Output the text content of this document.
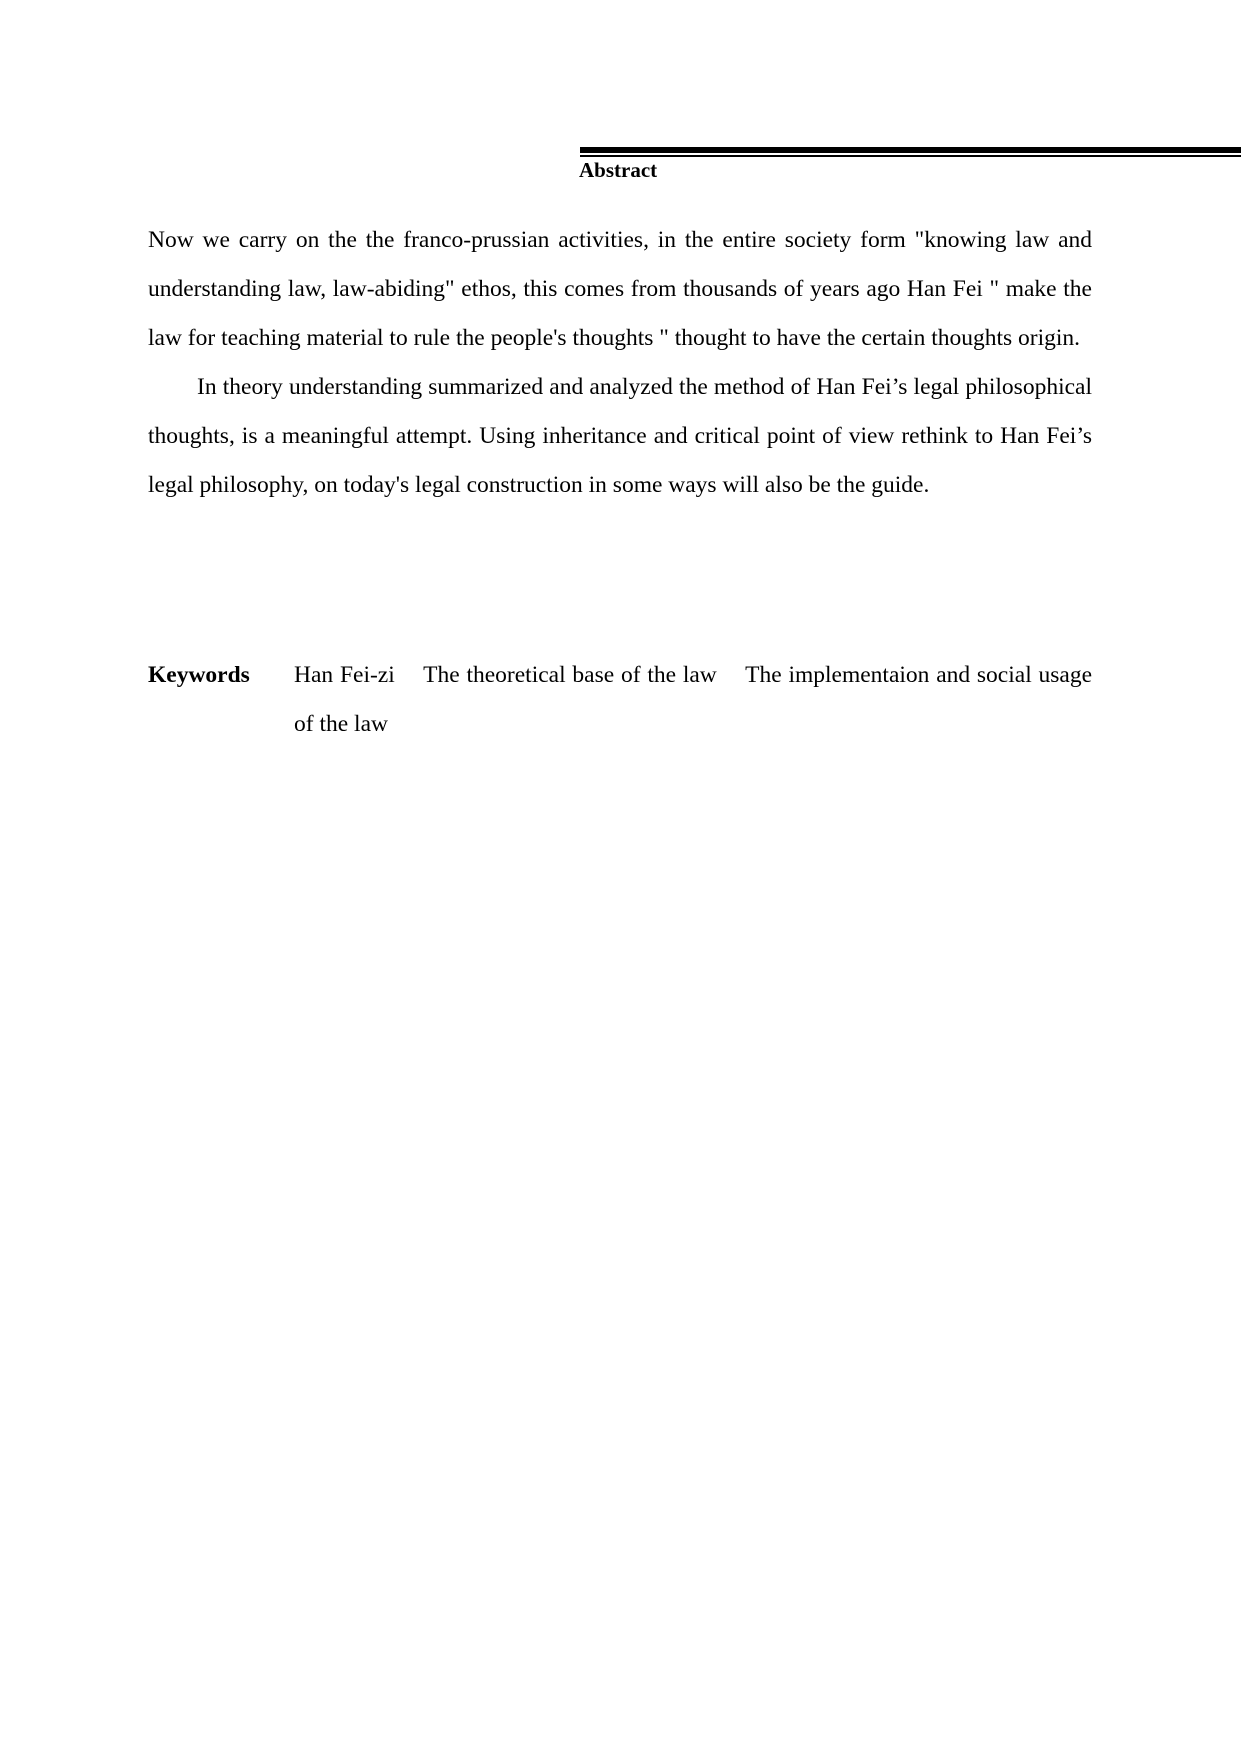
Abstract

Now we carry on the the franco-prussian activities, in the entire society form "knowing law and understanding law, law-abiding" ethos, this comes from thousands of years ago Han Fei " make the law for teaching material to rule the people's thoughts " thought to have the certain thoughts origin.

In theory understanding summarized and analyzed the method of Han Fei’s legal philosophical thoughts, is a meaningful attempt. Using inheritance and critical point of view rethink to Han Fei’s legal philosophy, on today's legal construction in some ways will also be the guide.

Keywords Han Fei-zi The theoretical base of the law The implementaion and social usage of the law
